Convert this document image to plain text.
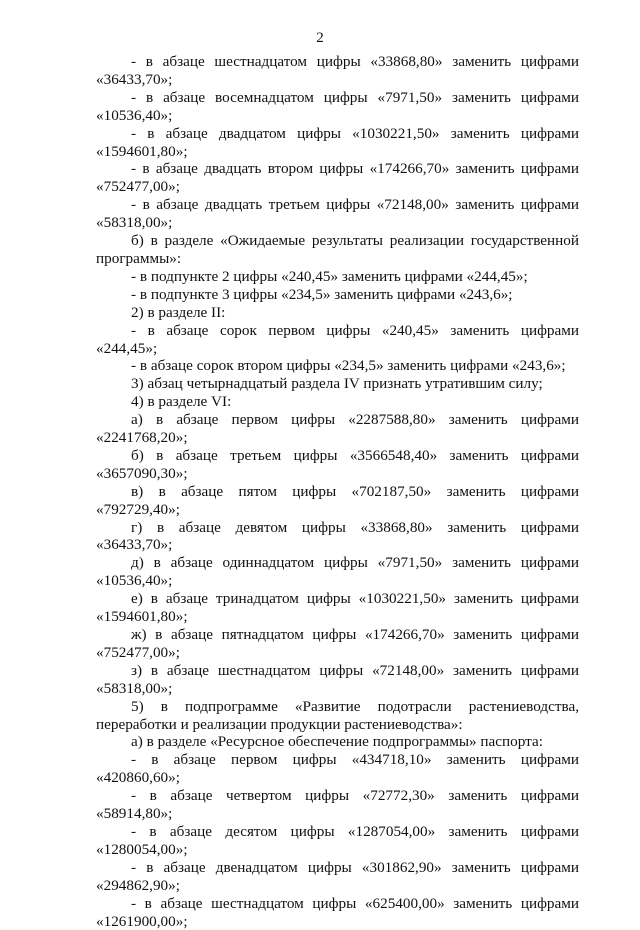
2

- в абзаце шестнадцатом цифры «33868,80» заменить цифрами «36433,70»;

- в абзаце восемнадцатом цифры «7971,50» заменить цифрами «10536,40»;

- в абзаце двадцатом цифры «1030221,50» заменить цифрами «1594601,80»;

- в абзаце двадцать втором цифры «174266,70» заменить цифрами «752477,00»;

- в абзаце двадцать третьем цифры «72148,00» заменить цифрами «58318,00»;

б) в разделе «Ожидаемые результаты реализации государственной программы»:

- в подпункте 2 цифры «240,45» заменить цифрами «244,45»;

- в подпункте 3 цифры «234,5» заменить цифрами «243,6»;

2) в разделе II:

- в абзаце сорок первом цифры «240,45» заменить цифрами «244,45»;

- в абзаце сорок втором цифры «234,5» заменить цифрами «243,6»;

3) абзац четырнадцатый раздела IV признать утратившим силу;

4) в разделе VI:

а) в абзаце первом цифры «2287588,80» заменить цифрами «2241768,20»;

б) в абзаце третьем цифры «3566548,40» заменить цифрами «3657090,30»;

в) в абзаце пятом цифры «702187,50» заменить цифрами «792729,40»;

г) в абзаце девятом цифры «33868,80» заменить цифрами «36433,70»;

д) в абзаце одиннадцатом цифры «7971,50» заменить цифрами «10536,40»;

е) в абзаце тринадцатом цифры «1030221,50» заменить цифрами «1594601,80»;

ж) в абзаце пятнадцатом цифры «174266,70» заменить цифрами «752477,00»;

з) в абзаце шестнадцатом цифры «72148,00» заменить цифрами «58318,00»;

5) в подпрограмме «Развитие подотрасли растениеводства, переработки и реализации продукции растениеводства»:

а) в разделе «Ресурсное обеспечение подпрограммы» паспорта:

- в абзаце первом цифры «434718,10» заменить цифрами «420860,60»;

- в абзаце четвертом цифры «72772,30» заменить цифрами «58914,80»;

- в абзаце десятом цифры «1287054,00» заменить цифрами «1280054,00»;

- в абзаце двенадцатом цифры «301862,90» заменить цифрами «294862,90»;

- в абзаце шестнадцатом цифры «625400,00» заменить цифрами «1261900,00»;
